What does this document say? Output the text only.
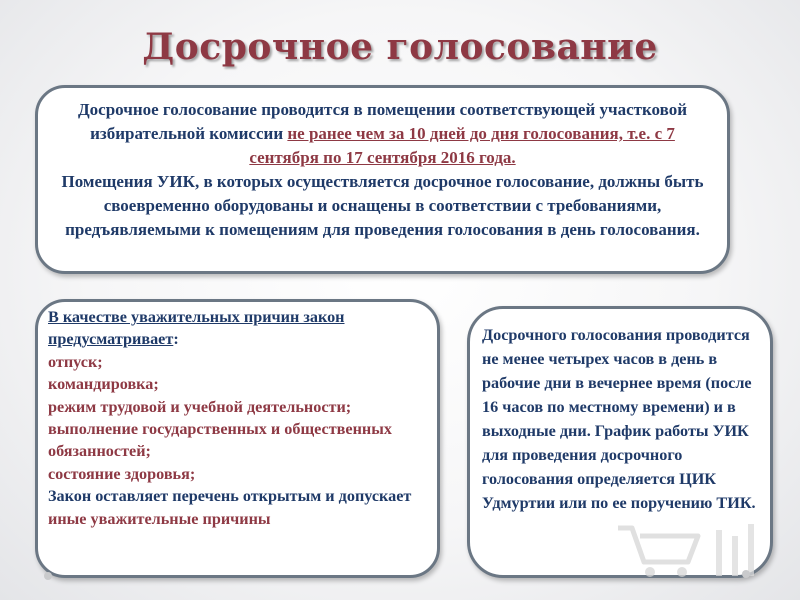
Досрочное голосование
Досрочное голосование проводится в помещении соответствующей участковой избирательной комиссии не ранее чем за 10 дней до дня голосования, т.е. с 7 сентября по 17 сентября 2016 года.
Помещения УИК, в которых осуществляется досрочное голосование, должны быть своевременно оборудованы и оснащены в соответствии с требованиями, предъявляемыми к помещениям для проведения голосования в день голосования.
В качестве уважительных причин закон предусматривает:
отпуск;
командировка;
режим трудовой и учебной деятельности;
выполнение государственных и общественных обязанностей;
состояние здоровья;
Закон оставляет перечень открытым и допускает иные уважительные причины
Досрочного голосования проводится не менее четырех часов в день в рабочие дни в вечернее время (после 16 часов по местному времени) и в выходные дни. График работы УИК для проведения досрочного голосования определяется ЦИК Удмуртии или по ее поручению ТИК.
